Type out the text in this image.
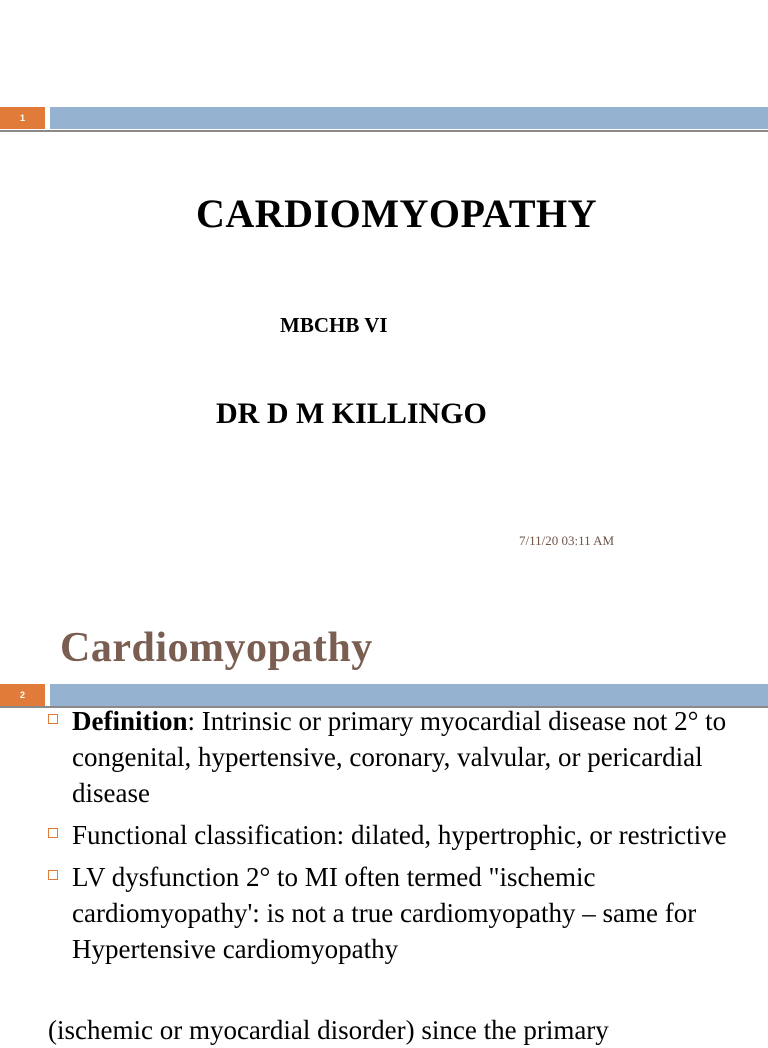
1
CARDIOMYOPATHY
MBCHB VI
DR D M KILLINGO
7/11/20 03:11 AM
Cardiomyopathy
2
Definition: Intrinsic or primary myocardial disease not 2° to congenital, hypertensive, coronary, valvular, or pericardial disease
Functional classification: dilated, hypertrophic, or restrictive
LV dysfunction 2° to MI often termed "ischemic cardiomyopathy': is not a true cardiomyopathy – same for Hypertensive cardiomyopathy
(ischemic or myocardial disorder) since the primary
